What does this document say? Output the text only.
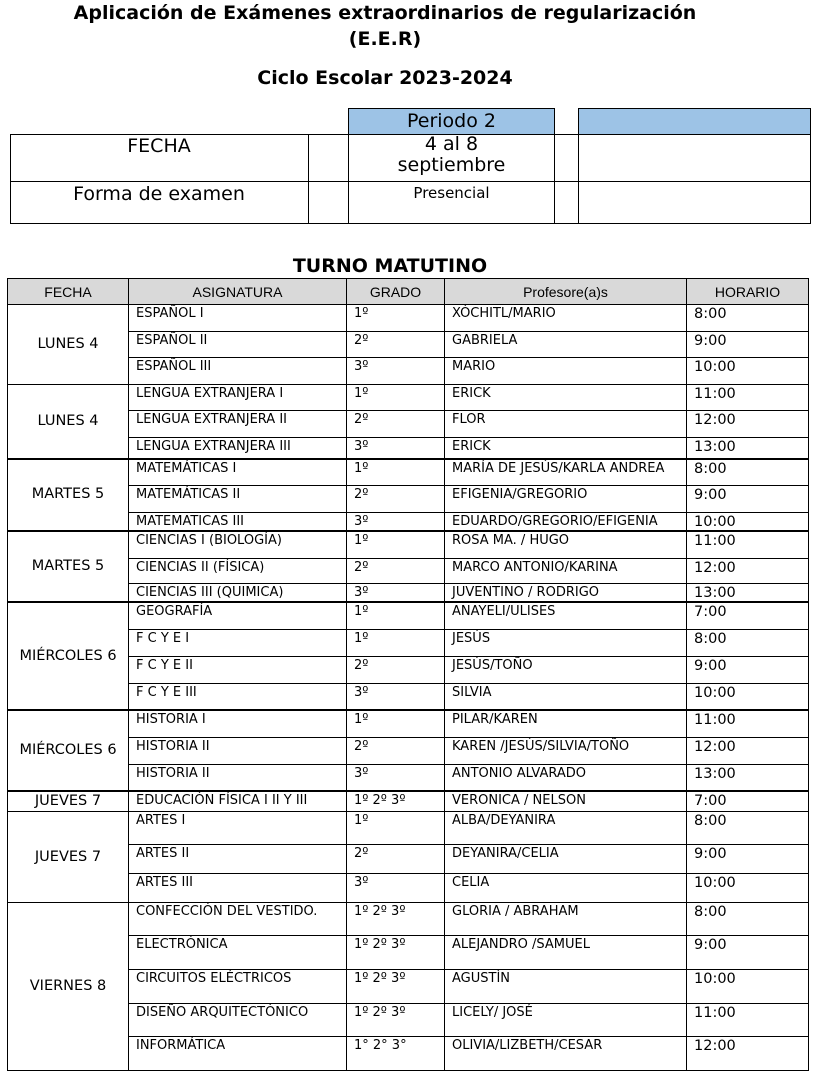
Aplicación de Exámenes extraordinarios de regularización
(E.E.R)
Ciclo Escolar 2023-2024
Periodo 2
FECHA	4 al 8
septiembre
Forma de examen	Presencial
TURNO MATUTINO
FECHA	ASIGNATURA	GRADO	Profesore(a)s	HORARIO
LUNES 4	ESPAÑOL I	1º	XÓCHITL/MARIO	8:00
	ESPAÑOL II	2º	GABRIELA	9:00
	ESPAÑOL III	3º	MARIO	10:00
LUNES 4	LENGUA EXTRANJERA I	1º	ERICK	11:00
	LENGUA EXTRANJERA II	2º	FLOR	12:00
	LENGUA EXTRANJERA III	3º	ERICK	13:00
MARTES 5	MATEMÁTICAS I	1º	MARÍA DE JESÚS/KARLA ANDREA	8:00
	MATEMÁTICAS II	2º	EFIGENIA/GREGORIO	9:00
	MATEMATICAS III	3º	EDUARDO/GREGORIO/EFIGENIA	10:00
MARTES 5	CIENCIAS I (BIOLOGÍA)	1º	ROSA MA. / HUGO	11:00
	CIENCIAS II (FÍSICA)	2º	MARCO ANTONIO/KARINA	12:00
	CIENCIAS III (QUIMICA)	3º	JUVENTINO / RODRIGO	13:00
MIÉRCOLES 6	GEOGRAFÍA	1º	ANAYELI/ULISES	7:00
	F C Y E I	1º	JESÚS	8:00
	F C Y E II	2º	JESÙS/TOÑO	9:00
	F C Y E III	3º	SILVIA	10:00
MIÉRCOLES 6	HISTORIA I	1º	PILAR/KAREN	11:00
	HISTORIA II	2º	KAREN /JESÙS/SILVIA/TOÑO	12:00
	HISTORIA II	3º	ANTONIO ALVARADO	13:00
JUEVES 7	EDUCACIÓN FÍSICA I II Y III	1º 2º 3º	VERONICA / NELSON	7:00
JUEVES 7	ARTES I	1º	ALBA/DEYANIRA	8:00
	ARTES II	2º	DEYANIRA/CELIA	9:00
	ARTES III	3º	CELIA	10:00
VIERNES 8	CONFECCIÓN DEL VESTIDO.	1º 2º 3º	GLORIA / ABRAHAM	8:00
	ELECTRÓNICA	1º 2º 3º	ALEJANDRO /SAMUEL	9:00
	CIRCUITOS ELÉCTRICOS	1º 2º 3º	AGUSTÌN	10:00
	DISEÑO ARQUITECTÒNICO	1º 2º 3º	LICELY/ JOSÉ	11:00
	INFORMÁTICA	1° 2° 3°	OLIVIA/LIZBETH/CESAR	12:00
